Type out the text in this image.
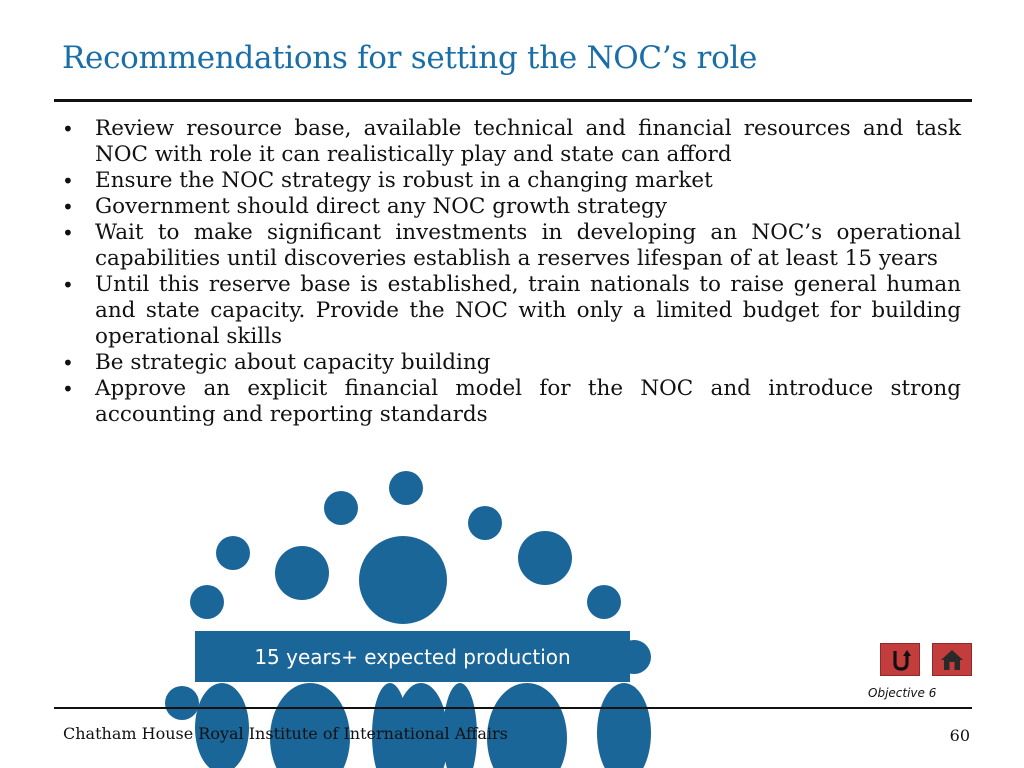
Recommendations for setting the NOC’s role
• Review resource base, available technical and financial resources and task NOC with role it can realistically play and state can afford
• Ensure the NOC strategy is robust in a changing market
• Government should direct any NOC growth strategy
• Wait to make significant investments in developing an NOC’s operational capabilities until discoveries establish a reserves lifespan of at least 15 years
• Until this reserve base is established, train nationals to raise general human and state capacity. Provide the NOC with only a limited budget for building operational skills
• Be strategic about capacity building
• Approve an explicit financial model for the NOC and introduce strong accounting and reporting standards
15 years+ expected production
Chatham House Royal Institute of International Affairs	60
Objective 6
